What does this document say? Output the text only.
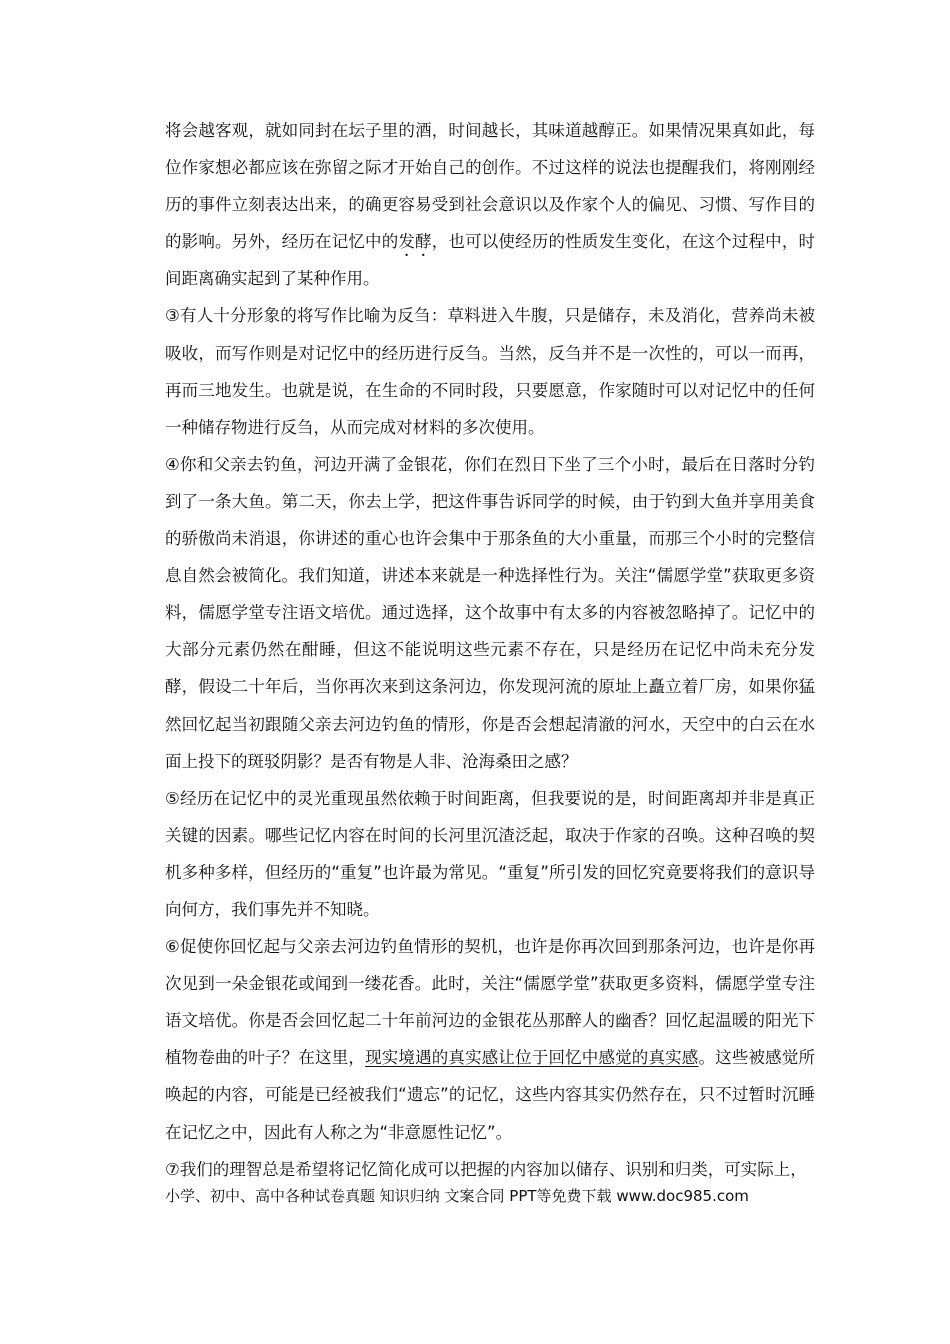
将会越客观，就如同封在坛子里的酒，时间越长，其味道越醇正。如果情况果真如此，每位作家想必都应该在弥留之际才开始自己的创作。不过这样的说法也提醒我们，将刚刚经历的事件立刻表达出来，的确更容易受到社会意识以及作家个人的偏见、习惯、写作目的的影响。另外，经历在记忆中的发酵，也可以使经历的性质发生变化，在这个过程中，时间距离确实起到了某种作用。

③有人十分形象的将写作比喻为反刍：草料进入牛腹，只是储存，未及消化，营养尚未被吸收，而写作则是对记忆中的经历进行反刍。当然，反刍并不是一次性的，可以一而再，再而三地发生。也就是说，在生命的不同时段，只要愿意，作家随时可以对记忆中的任何一种储存物进行反刍，从而完成对材料的多次使用。

④你和父亲去钓鱼，河边开满了金银花，你们在烈日下坐了三个小时，最后在日落时分钓到了一条大鱼。第二天，你去上学，把这件事告诉同学的时候，由于钓到大鱼并享用美食的骄傲尚未消退，你讲述的重心也许会集中于那条鱼的大小重量，而那三个小时的完整信息自然会被简化。我们知道，讲述本来就是一种选择性行为。关注“儒愿学堂”获取更多资料，儒愿学堂专注语文培优。通过选择，这个故事中有太多的内容被忽略掉了。记忆中的大部分元素仍然在酣睡，但这不能说明这些元素不存在，只是经历在记忆中尚未充分发酵，假设二十年后，当你再次来到这条河边，你发现河流的原址上矗立着厂房，如果你猛然回忆起当初跟随父亲去河边钓鱼的情形，你是否会想起清澈的河水，天空中的白云在水面上投下的斑驳阴影？是否有物是人非、沧海桑田之感？

⑤经历在记忆中的灵光重现虽然依赖于时间距离，但我要说的是，时间距离却并非是真正关键的因素。哪些记忆内容在时间的长河里沉渣泛起，取决于作家的召唤。这种召唤的契机多种多样，但经历的“重复”也许最为常见。“重复”所引发的回忆究竟要将我们的意识导向何方，我们事先并不知晓。

⑥促使你回忆起与父亲去河边钓鱼情形的契机，也许是你再次回到那条河边，也许是你再次见到一朵金银花或闻到一缕花香。此时，关注“儒愿学堂”获取更多资料，儒愿学堂专注语文培优。你是否会回忆起二十年前河边的金银花丛那醉人的幽香？回忆起温暖的阳光下植物卷曲的叶子？在这里，现实境遇的真实感让位于回忆中感觉的真实感。这些被感觉所唤起的内容，可能是已经被我们“遗忘”的记忆，这些内容其实仍然存在，只不过暂时沉睡在记忆之中，因此有人称之为“非意愿性记忆”。

⑦我们的理智总是希望将记忆简化成可以把握的内容加以储存、识别和归类，可实际上，

小学、初中、高中各种试卷真题 知识归纳 文案合同 PPT等免费下载 www.doc985.com
